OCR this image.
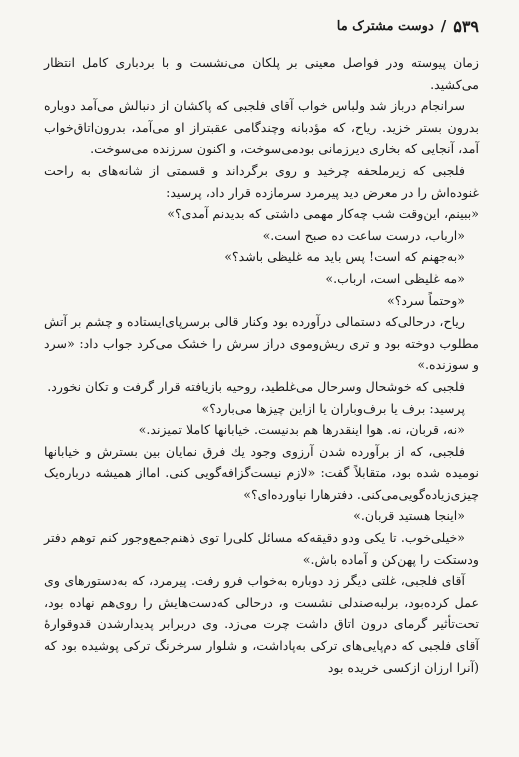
۵۳۹
/
دوست مشترک ما

زمان پیوسته ودر فواصل معینی بر پلکان می‌نشست و با بردباری کامل انتظار می‌کشید.

سرانجام درباز شد ولباس خواب آقای فلجبی که پاکشان از دنبالش می‌آمد دوباره بدرون بستر خزید. ریاح، که مؤدبانه وچندگامی عقبتراز او می‌آمد، بدرون‌اتاق‌خواب آمد، آنجایی که بخاری دیرزمانی بودمی‌سوخت، و اکنون سرزنده می‌سوخت.

فلجبی که زیرملحفه چرخید و روی برگرداند و قسمتی از شانه‌های به راحت غنوده‌اش را در معرض دید پیرمرد سرمازده قرار داد، پرسید:

«ببینم، این‌وقت شب چه‌کار مهمی داشتی که بدیدنم آمدی؟»

«ارباب، درست ساعت ده صبح است.»

«به‌جهنم که است! پس باید مه غلیظی باشد؟»

«مه غلیظی است، ارباب.»

«وحتماً سرد؟»

ریاح، درحالی‌که دستمالی درآورده بود وکنار قالی برسرپای‌ایستاده و چشم بر آتش مطلوب دوخته بود و تری ریش‌وموی دراز سرش را خشک می‌کرد جواب داد: «سرد و سوزنده.»

فلجبی که خوشحال وسرحال می‌غلطید، روحیه بازیافته قرار گرفت و تکان نخورد.

پرسید: برف یا برف‌وباران یا ازاین چیزها می‌بارد؟»

«نه، قربان، نه. هوا اینقدرها هم بدنیست. خیابانها کاملا تمیزند.»

فلجبی، که از برآورده شدن آرزوی وجود یك فرق نمایان بین بسترش و خیابانها نومیده شده بود، متقابلاً گفت: «لازم نیست‌گزافه‌گویی کنی. امااز همیشه درباره‌یک چیزی‌زیاده‌گویی‌می‌کنی. دفترهارا نیاورده‌ای؟»

«اینجا هستید قربان.»

«خیلی‌خوب. تا یکی ودو دقیقه‌که مسائل کلی‌را توی ذهنم‌جمع‌وجور کنم توهم دفتر ودستکت را پهن‌کن و آماده باش.»

آقای فلجبی، غلتی دیگر زد دوباره به‌خواب فرو رفت. پیرمرد، که به‌دستورهای وی عمل کرده‌بود، برلبه‌صندلی نشست و، درحالی که‌دست‌هایش را روی‌هم نهاده بود، تحت‌تأثیر گرمای درون اتاق داشت چرت می‌زد. وی دربرابر پدیدارشدن قدوقوارهٔ آقای فلجبی که دم‌پایی‌های ترکی به‌پاداشت، و شلوار سرخرنگ ترکی پوشیده بود که (آنرا ارزان ازکسی خریده بود
